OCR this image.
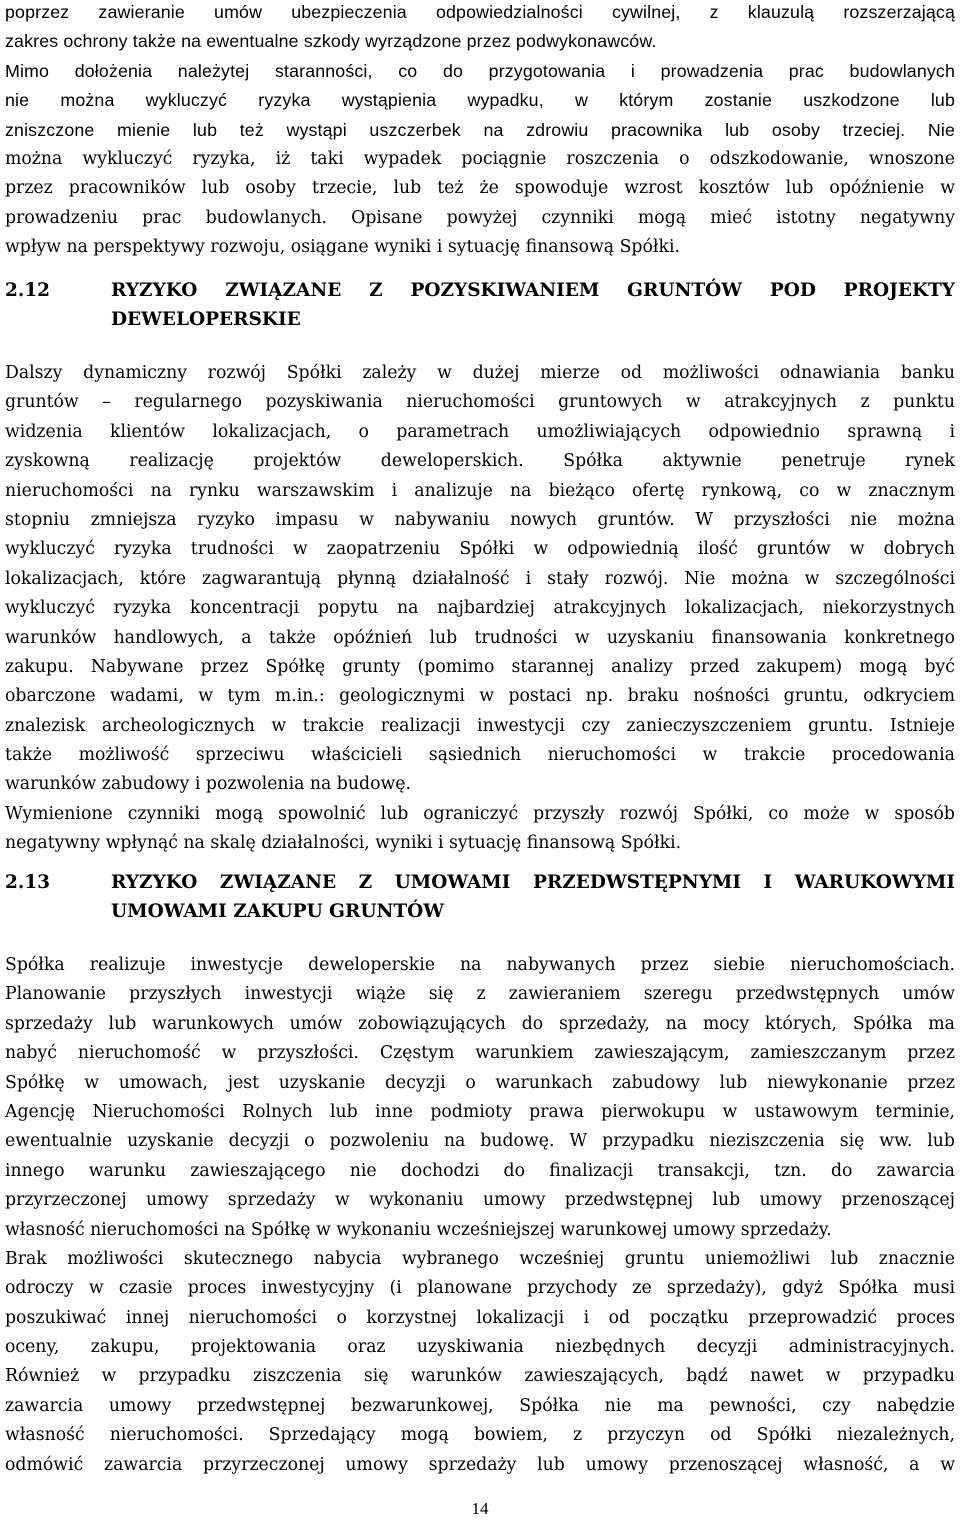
poprzez zawieranie umów ubezpieczenia odpowiedzialności cywilnej, z klauzulą rozszerzającą
zakres ochrony także na ewentualne szkody wyrządzone przez podwykonawców.
Mimo dołożenia należytej staranności, co do przygotowania i prowadzenia prac budowlanych
nie można wykluczyć ryzyka wystąpienia wypadku, w którym zostanie uszkodzone lub
zniszczone mienie lub też wystąpi uszczerbek na zdrowiu pracownika lub osoby trzeciej. Nie
można wykluczyć ryzyka, iż taki wypadek pociągnie roszczenia o odszkodowanie, wnoszone
przez pracowników lub osoby trzecie, lub też że spowoduje wzrost kosztów lub opóźnienie w
prowadzeniu prac budowlanych. Opisane powyżej czynniki mogą mieć istotny negatywny
wpływ na perspektywy rozwoju, osiągane wyniki i sytuację finansową Spółki.
2.12	RYZYKO ZWIĄZANE Z POZYSKIWANIEM GRUNTÓW POD PROJEKTY
DEWELOPERSKIE
Dalszy dynamiczny rozwój Spółki zależy w dużej mierze od możliwości odnawiania banku
gruntów – regularnego pozyskiwania nieruchomości gruntowych w atrakcyjnych z punktu
widzenia klientów lokalizacjach, o parametrach umożliwiających odpowiednio sprawną i
zyskowną realizację projektów deweloperskich. Spółka aktywnie penetruje rynek
nieruchomości na rynku warszawskim i analizuje na bieżąco ofertę rynkową, co w znacznym
stopniu zmniejsza ryzyko impasu w nabywaniu nowych gruntów. W przyszłości nie można
wykluczyć ryzyka trudności w zaopatrzeniu Spółki w odpowiednią ilość gruntów w dobrych
lokalizacjach, które zagwarantują płynną działalność i stały rozwój. Nie można w szczególności
wykluczyć ryzyka koncentracji popytu na najbardziej atrakcyjnych lokalizacjach, niekorzystnych
warunków handlowych, a także opóźnień lub trudności w uzyskaniu finansowania konkretnego
zakupu. Nabywane przez Spółkę grunty (pomimo starannej analizy przed zakupem) mogą być
obarczone wadami, w tym m.in.: geologicznymi w postaci np. braku nośności gruntu, odkryciem
znalezisk archeologicznych w trakcie realizacji inwestycji czy zanieczyszczeniem gruntu. Istnieje
także możliwość sprzeciwu właścicieli sąsiednich nieruchomości w trakcie procedowania
warunków zabudowy i pozwolenia na budowę.
Wymienione czynniki mogą spowolnić lub ograniczyć przyszły rozwój Spółki, co może w sposób
negatywny wpłynąć na skalę działalności, wyniki i sytuację finansową Spółki.
2.13	RYZYKO ZWIĄZANE Z UMOWAMI PRZEDWSTĘPNYMI I WARUKOWYMI
UMOWAMI ZAKUPU GRUNTÓW
Spółka realizuje inwestycje deweloperskie na nabywanych przez siebie nieruchomościach.
Planowanie przyszłych inwestycji wiąże się z zawieraniem szeregu przedwstępnych umów
sprzedaży lub warunkowych umów zobowiązujących do sprzedaży, na mocy których, Spółka ma
nabyć nieruchomość w przyszłości. Częstym warunkiem zawieszającym, zamieszczanym przez
Spółkę w umowach, jest uzyskanie decyzji o warunkach zabudowy lub niewykonanie przez
Agencję Nieruchomości Rolnych lub inne podmioty prawa pierwokupu w ustawowym terminie,
ewentualnie uzyskanie decyzji o pozwoleniu na budowę. W przypadku nieziszczenia się ww. lub
innego warunku zawieszającego nie dochodzi do finalizacji transakcji, tzn. do zawarcia
przyrzeczonej umowy sprzedaży w wykonaniu umowy przedwstępnej lub umowy przenoszącej
własność nieruchomości na Spółkę w wykonaniu wcześniejszej warunkowej umowy sprzedaży.
Brak możliwości skutecznego nabycia wybranego wcześniej gruntu uniemożliwi lub znacznie
odroczy w czasie proces inwestycyjny (i planowane przychody ze sprzedaży), gdyż Spółka musi
poszukiwać innej nieruchomości o korzystnej lokalizacji i od początku przeprowadzić proces
oceny, zakupu, projektowania oraz uzyskiwania niezbędnych decyzji administracyjnych.
Również w przypadku ziszczenia się warunków zawieszających, bądź nawet w przypadku
zawarcia umowy przedwstępnej bezwarunkowej, Spółka nie ma pewności, czy nabędzie
własność nieruchomości. Sprzedający mogą bowiem, z przyczyn od Spółki niezależnych,
odmówić zawarcia przyrzeczonej umowy sprzedaży lub umowy przenoszącej własność, a w
14
